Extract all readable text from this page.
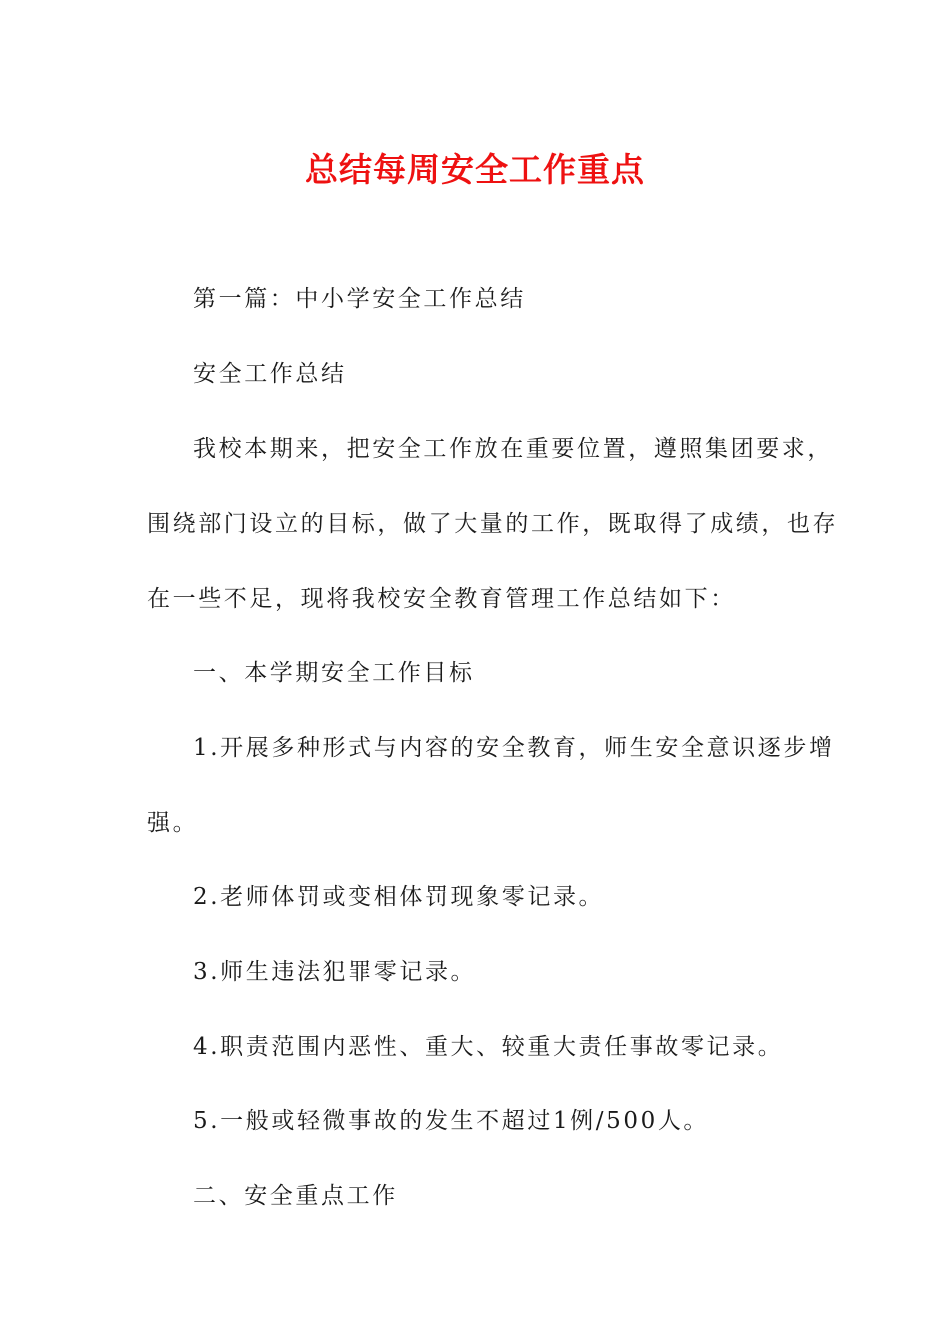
总结每周安全工作重点
第一篇：中小学安全工作总结
安全工作总结
我校本期来，把安全工作放在重要位置，遵照集团要求，
围绕部门设立的目标，做了大量的工作，既取得了成绩，也存
在一些不足，现将我校安全教育管理工作总结如下：
一、本学期安全工作目标
1.开展多种形式与内容的安全教育，师生安全意识逐步增
强。
2.老师体罚或变相体罚现象零记录。
3.师生违法犯罪零记录。
4.职责范围内恶性、重大、较重大责任事故零记录。
5.一般或轻微事故的发生不超过1例/500人。
二、安全重点工作
